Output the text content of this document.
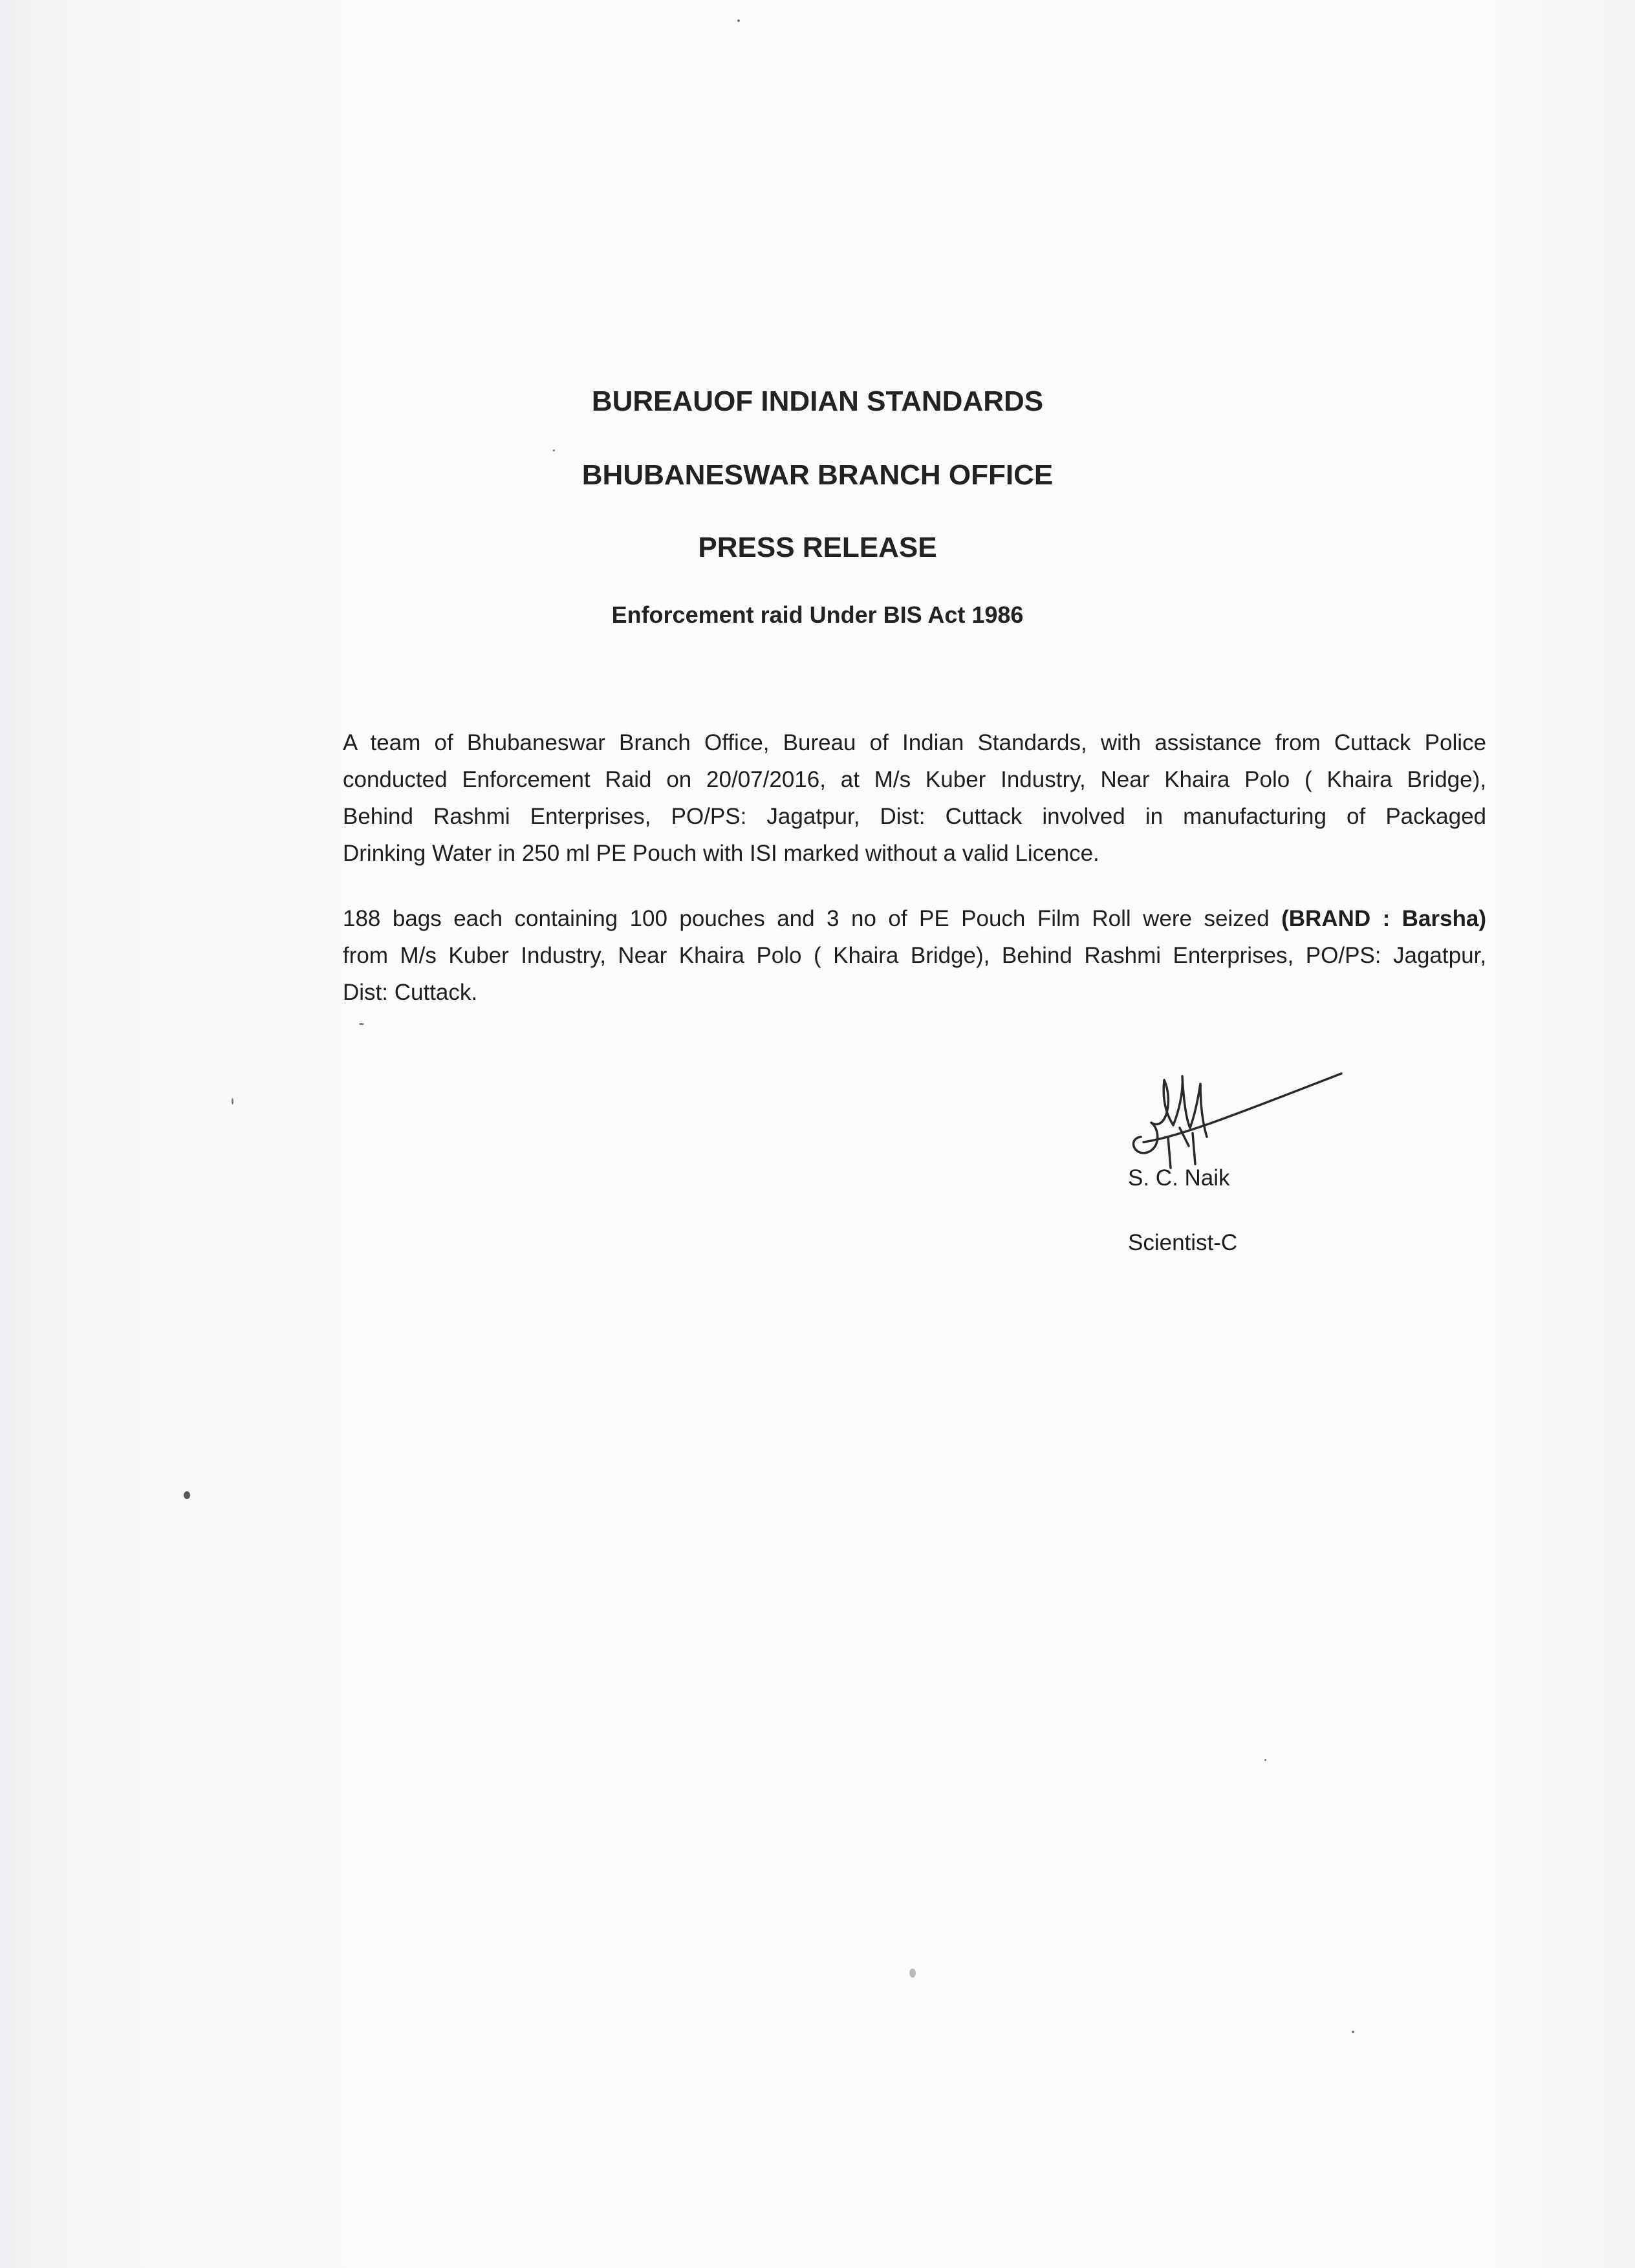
BUREAUOF INDIAN STANDARDS
BHUBANESWAR BRANCH OFFICE
PRESS RELEASE
Enforcement raid Under BIS Act 1986
A team of Bhubaneswar Branch Office, Bureau of Indian Standards, with assistance from Cuttack Police
conducted Enforcement Raid on 20/07/2016, at M/s Kuber Industry, Near Khaira Polo ( Khaira Bridge),
Behind Rashmi Enterprises, PO/PS: Jagatpur, Dist: Cuttack involved in manufacturing of Packaged
Drinking Water in 250 ml PE Pouch with ISI marked without a valid Licence.
188 bags each containing 100 pouches and 3 no of PE Pouch Film Roll were seized (BRAND : Barsha)
from M/s Kuber Industry, Near Khaira Polo ( Khaira Bridge), Behind Rashmi Enterprises, PO/PS: Jagatpur,
Dist: Cuttack.
S. C. Naik
Scientist-C
